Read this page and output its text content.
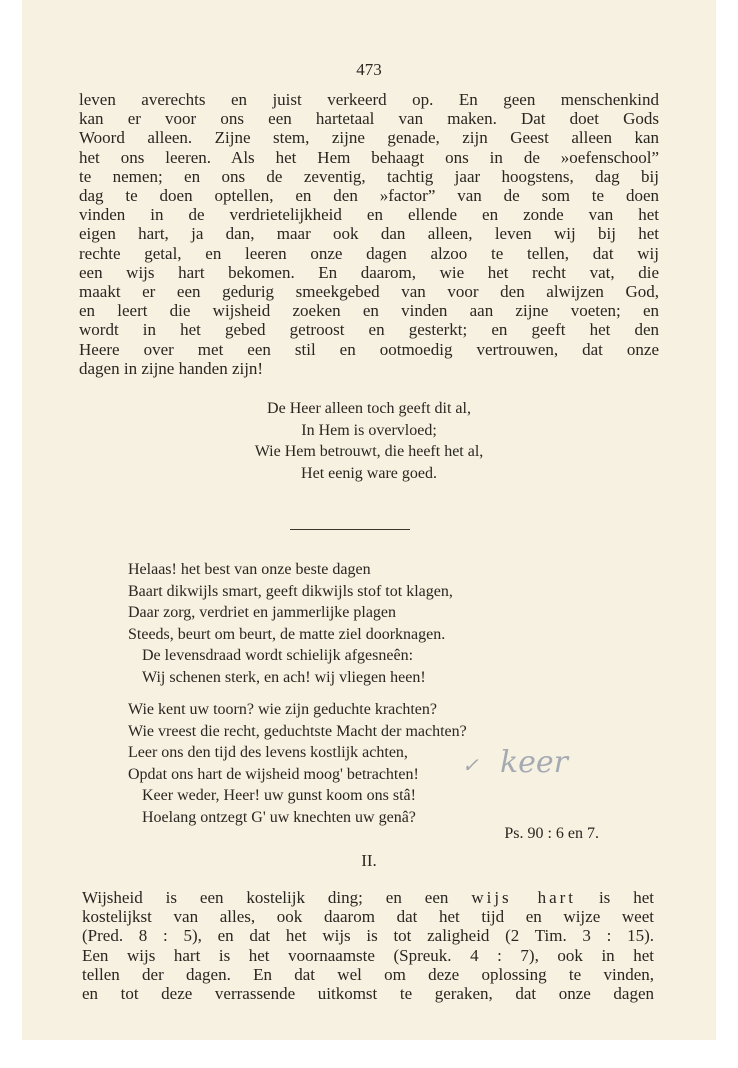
473
leven averechts en juist verkeerd op. En geen menschenkind
kan er voor ons een hartetaal van maken. Dat doet Gods
Woord alleen. Zijne stem, zijne genade, zijn Geest alleen kan
het ons leeren. Als het Hem behaagt ons in de »oefenschool”
te nemen; en ons de zeventig, tachtig jaar hoogstens, dag bij
dag te doen optellen, en den »factor” van de som te doen
vinden in de verdrietelijkheid en ellende en zonde van het
eigen hart, ja dan, maar ook dan alleen, leven wij bij het
rechte getal, en leeren onze dagen alzoo te tellen, dat wij
een wijs hart bekomen. En daarom, wie het recht vat, die
maakt er een gedurig smeekgebed van voor den alwijzen God,
en leert die wijsheid zoeken en vinden aan zijne voeten; en
wordt in het gebed getroost en gesterkt; en geeft het den
Heere over met een stil en ootmoedig vertrouwen, dat onze
dagen in zijne handen zijn!
De Heer alleen toch geeft dit al,
In Hem is overvloed;
Wie Hem betrouwt, die heeft het al,
Het eenig ware goed.
Helaas! het best van onze beste dagen
Baart dikwijls smart, geeft dikwijls stof tot klagen,
Daar zorg, verdriet en jammerlijke plagen
Steeds, beurt om beurt, de matte ziel doorknagen.
De levensdraad wordt schielijk afgesneên:
Wij schenen sterk, en ach! wij vliegen heen!
Wie kent uw toorn? wie zijn geduchte krachten?
Wie vreest die recht, geduchtste Macht der machten?
Leer ons den tijd des levens kostlijk achten,
Opdat ons hart de wijsheid moog' betrachten!
Keer weder, Heer! uw gunst koom ons stâ!
Hoelang ontzegt G' uw knechten uw genâ?
✓ keer
Ps. 90 : 6 en 7.
II.
Wijsheid is een kostelijk ding; en een wijs hart is het
kostelijkst van alles, ook daarom dat het tijd en wijze weet
(Pred. 8 : 5), en dat het wijs is tot zaligheid (2 Tim. 3 : 15).
Een wijs hart is het voornaamste (Spreuk. 4 : 7), ook in het
tellen der dagen. En dat wel om deze oplossing te vinden,
en tot deze verrassende uitkomst te geraken, dat onze dagen
